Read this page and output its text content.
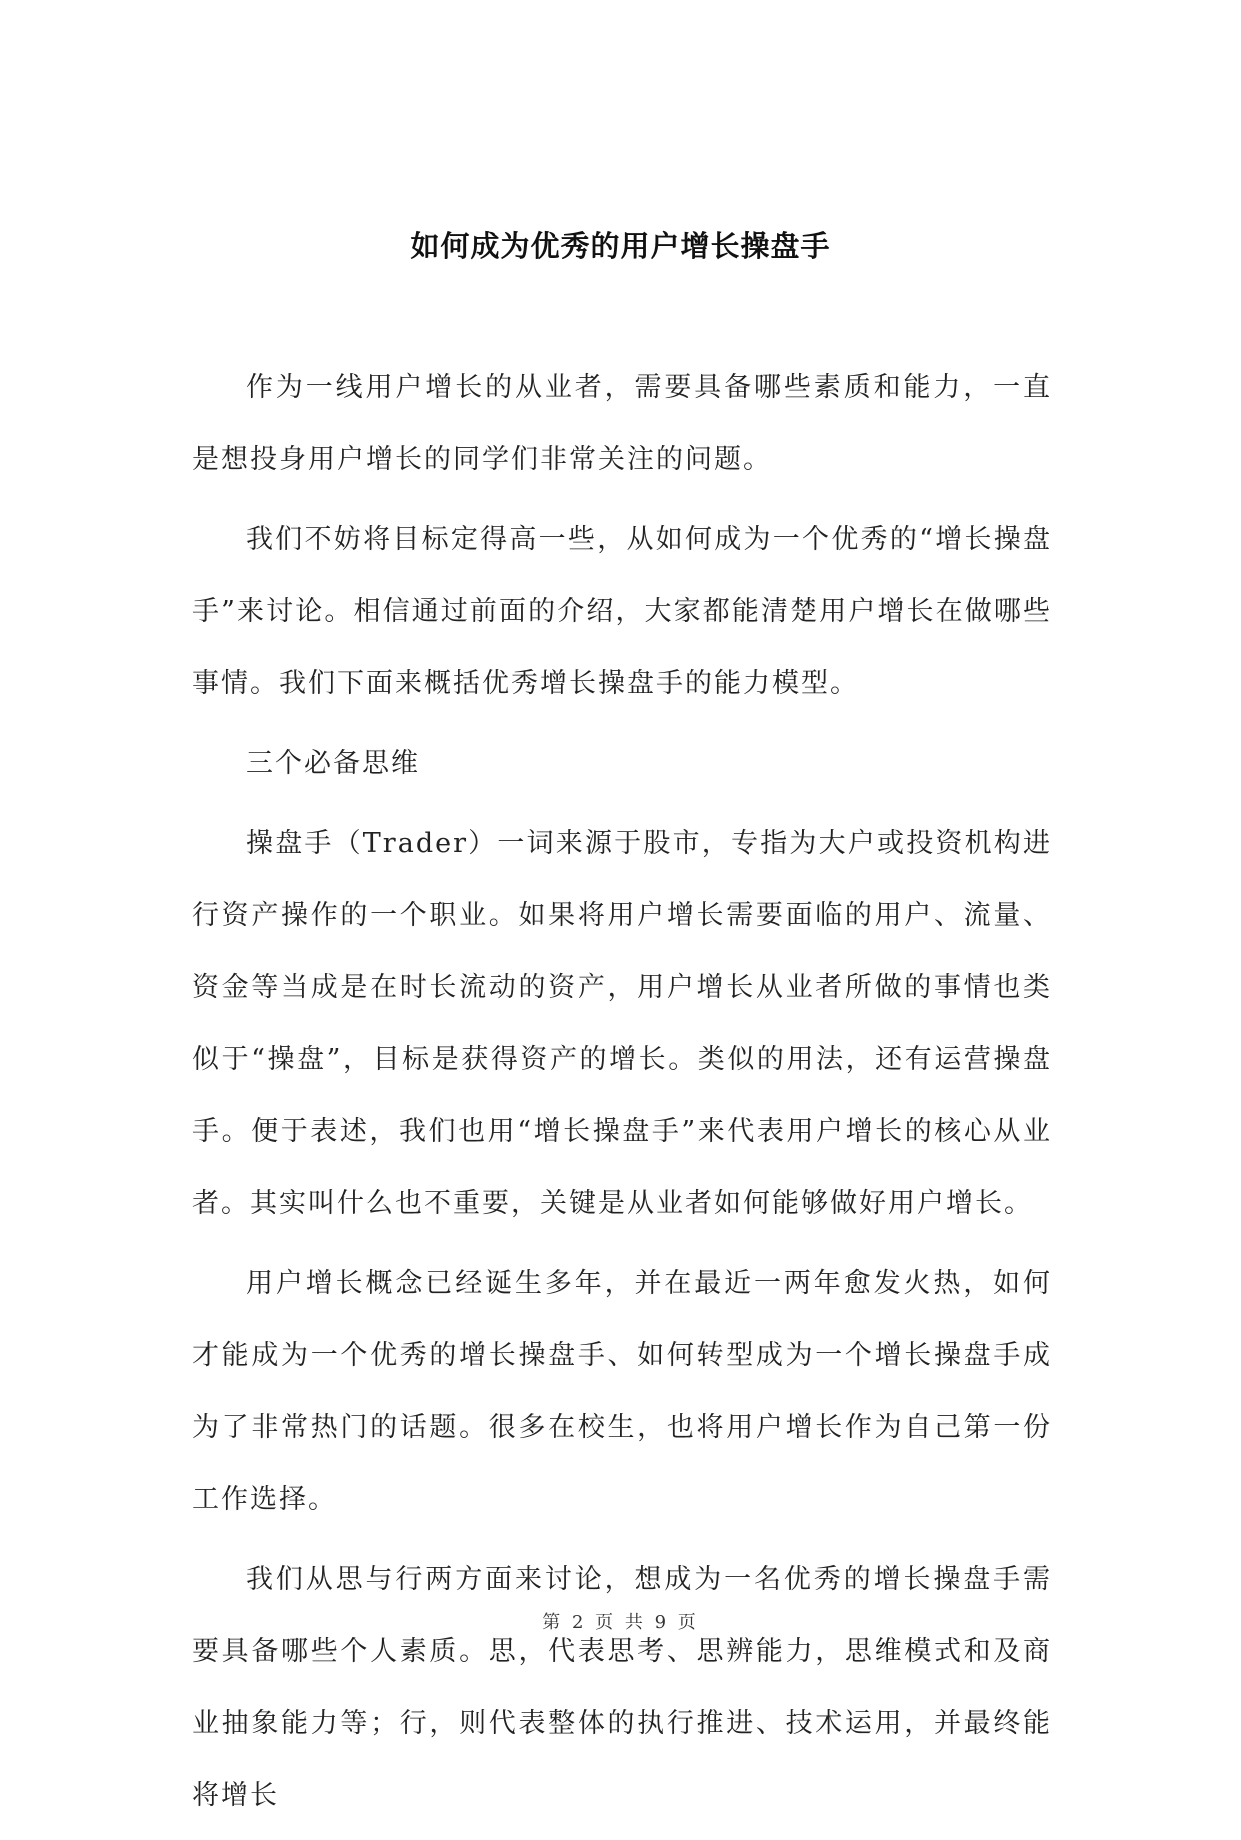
如何成为优秀的用户增长操盘手

作为一线用户增长的从业者，需要具备哪些素质和能力，一直是想投身用户增长的同学们非常关注的问题。

我们不妨将目标定得高一些，从如何成为一个优秀的“增长操盘手”来讨论。相信通过前面的介绍，大家都能清楚用户增长在做哪些事情。我们下面来概括优秀增长操盘手的能力模型。

三个必备思维

操盘手（Trader）一词来源于股市，专指为大户或投资机构进行资产操作的一个职业。如果将用户增长需要面临的用户、流量、资金等当成是在时长流动的资产，用户增长从业者所做的事情也类似于“操盘”，目标是获得资产的增长。类似的用法，还有运营操盘手。便于表述，我们也用“增长操盘手”来代表用户增长的核心从业者。其实叫什么也不重要，关键是从业者如何能够做好用户增长。

用户增长概念已经诞生多年，并在最近一两年愈发火热，如何才能成为一个优秀的增长操盘手、如何转型成为一个增长操盘手成为了非常热门的话题。很多在校生，也将用户增长作为自己第一份工作选择。

我们从思与行两方面来讨论，想成为一名优秀的增长操盘手需要具备哪些个人素质。思，代表思考、思辨能力，思维模式和及商业抽象能力等；行，则代表整体的执行推进、技术运用，并最终能将增长

第 2 页 共 9 页
